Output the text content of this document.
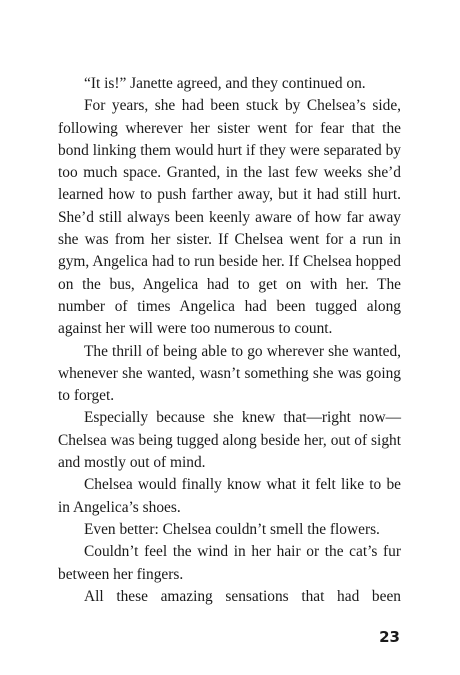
“It is!” Janette agreed, and they continued on.

For years, she had been stuck by Chelsea’s side, following wherever her sister went for fear that the bond linking them would hurt if they were separated by too much space. Granted, in the last few weeks she’d learned how to push farther away, but it had still hurt. She’d still always been keenly aware of how far away she was from her sister. If Chelsea went for a run in gym, Angelica had to run beside her. If Chelsea hopped on the bus, Angelica had to get on with her. The number of times Angelica had been tugged along against her will were too numerous to count.

The thrill of being able to go wherever she wanted, whenever she wanted, wasn’t something she was going to forget.

Especially because she knew that—right now—Chelsea was being tugged along beside her, out of sight and mostly out of mind.

Chelsea would finally know what it felt like to be in Angelica’s shoes.

Even better: Chelsea couldn’t smell the flowers.

Couldn’t feel the wind in her hair or the cat’s fur between her fingers.

All these amazing sensations that had been

23
